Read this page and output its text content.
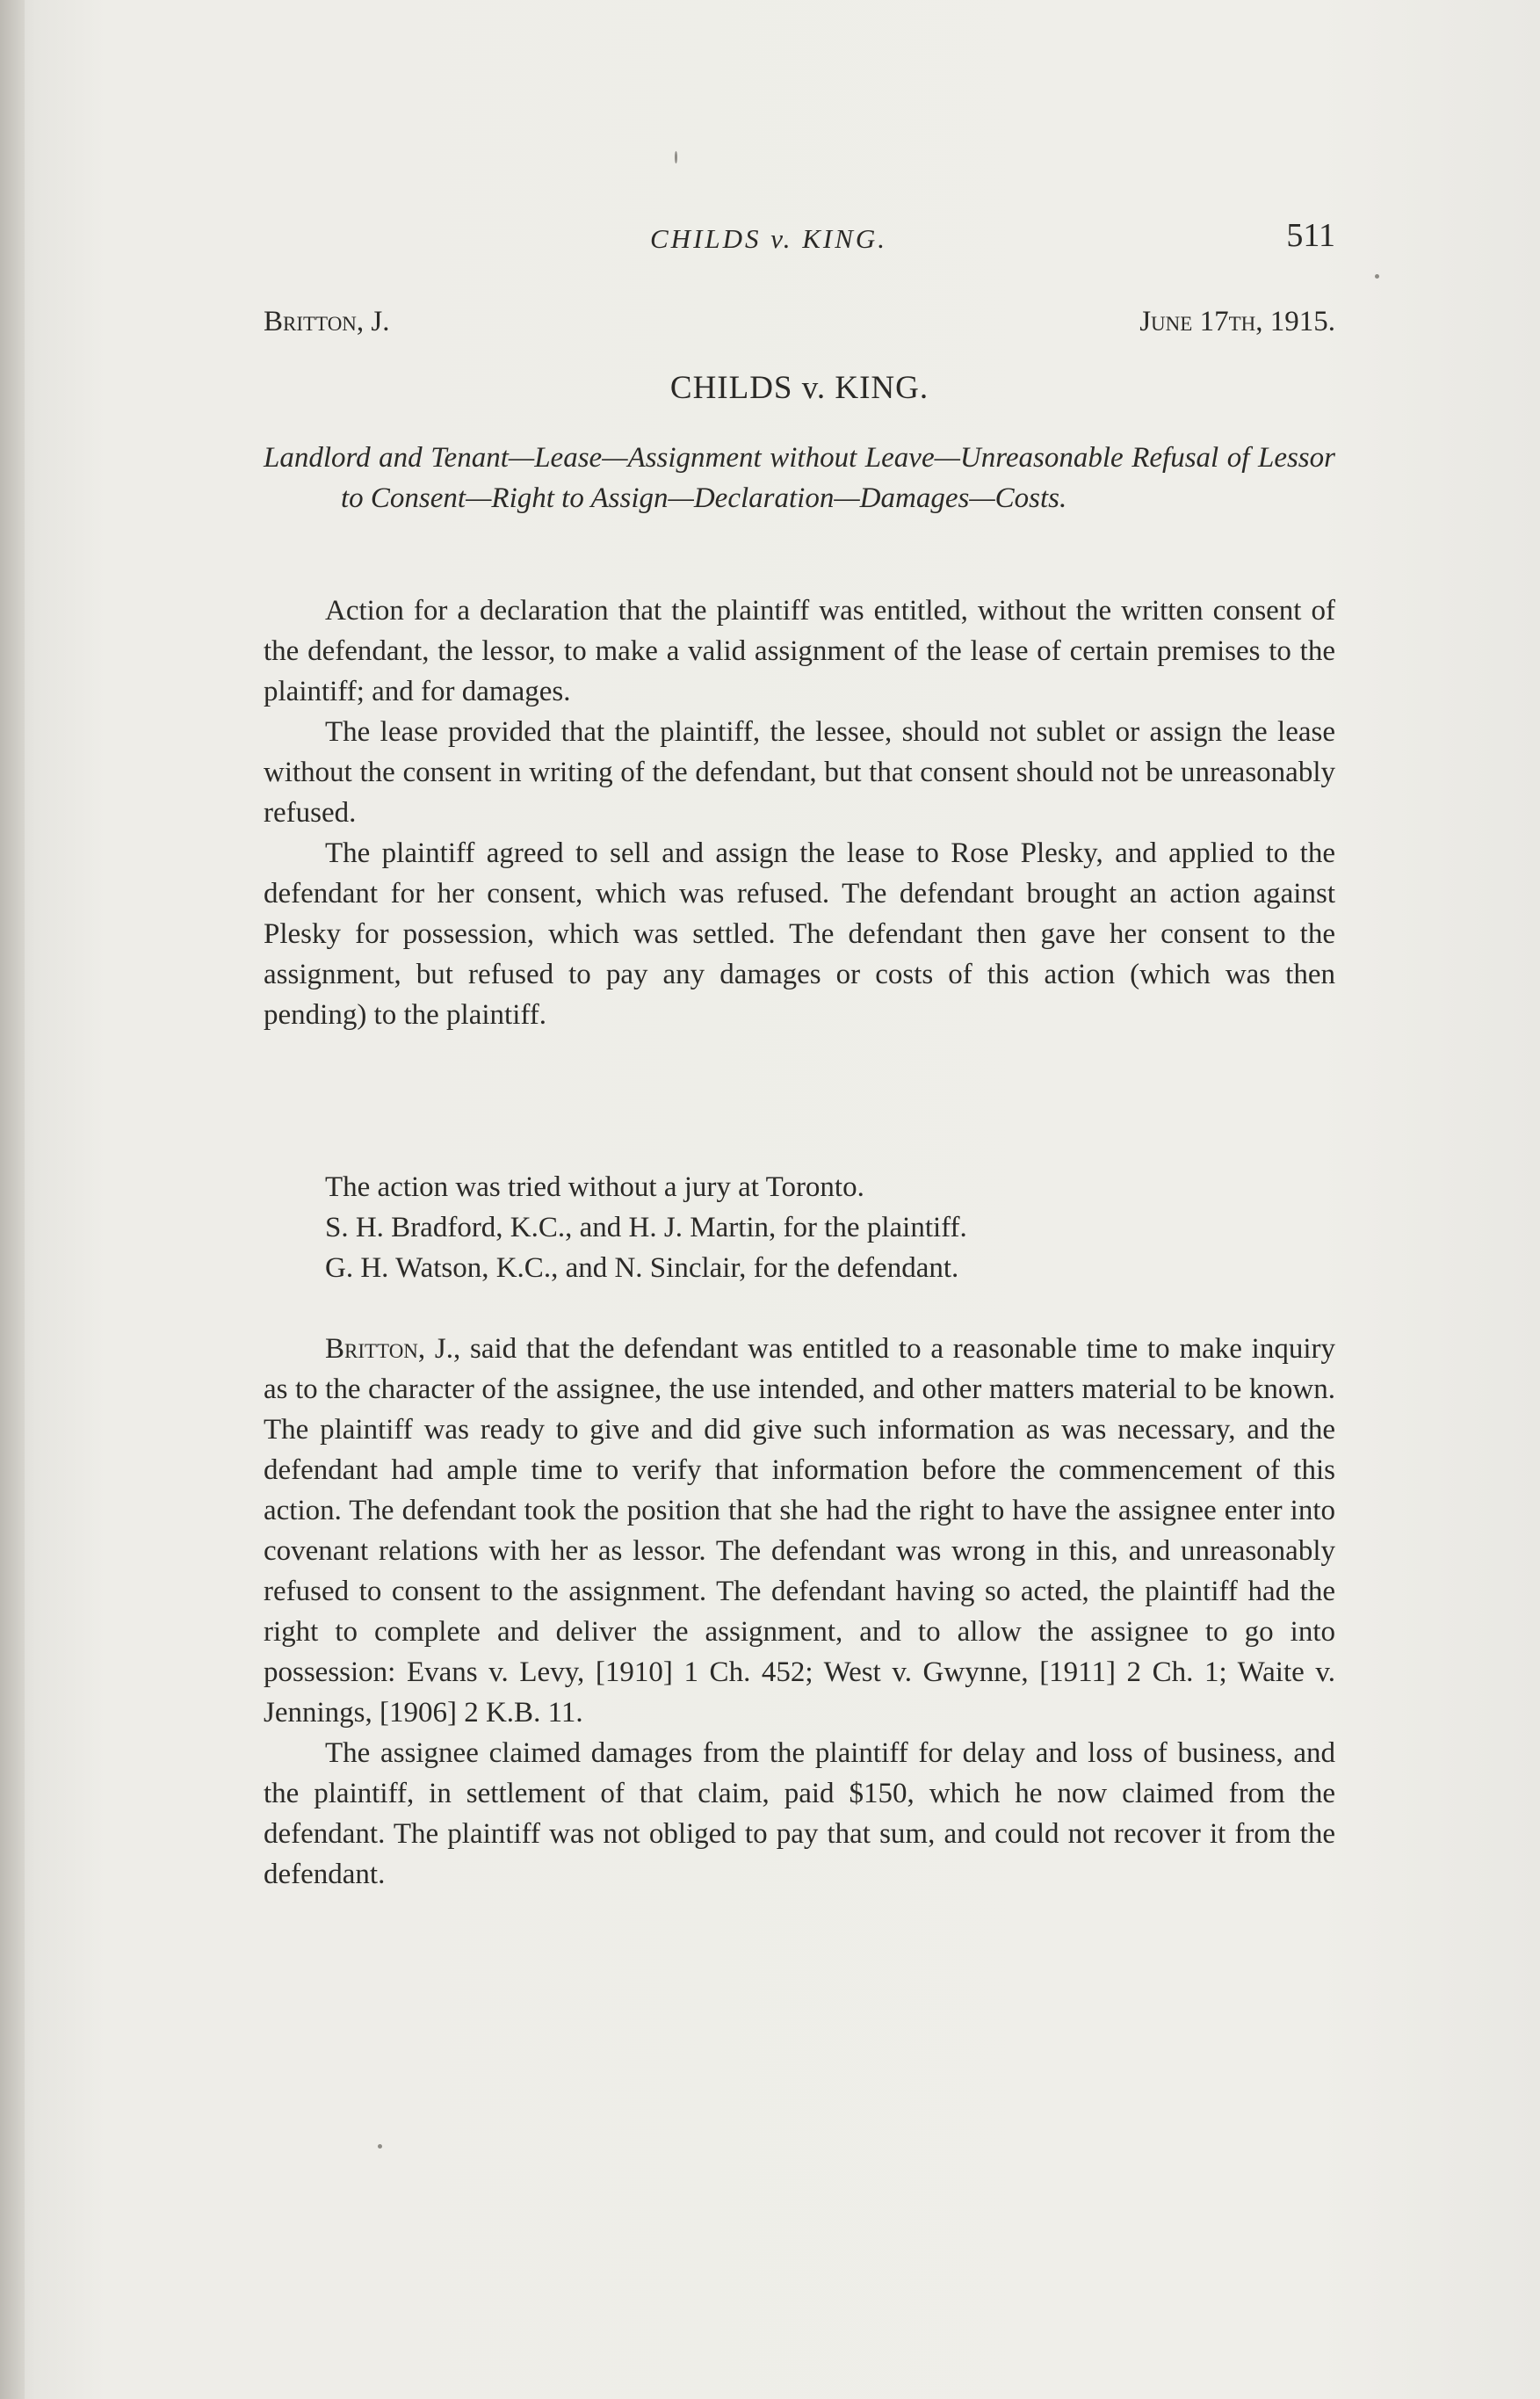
CHILDS v. KING.	511
Britton, J.	June 17th, 1915.
CHILDS v. KING.
Landlord and Tenant—Lease—Assignment without Leave—Unreasonable Refusal of Lessor to Consent—Right to Assign—Declaration—Damages—Costs.

Action for a declaration that the plaintiff was entitled, without the written consent of the defendant, the lessor, to make a valid assignment of the lease of certain premises to the plaintiff; and for damages.

The lease provided that the plaintiff, the lessee, should not sublet or assign the lease without the consent in writing of the defendant, but that consent should not be unreasonably refused.

The plaintiff agreed to sell and assign the lease to Rose Plesky, and applied to the defendant for her consent, which was refused. The defendant brought an action against Plesky for possession, which was settled. The defendant then gave her consent to the assignment, but refused to pay any damages or costs of this action (which was then pending) to the plaintiff.

The action was tried without a jury at Toronto.

S. H. Bradford, K.C., and H. J. Martin, for the plaintiff.

G. H. Watson, K.C., and N. Sinclair, for the defendant.

Britton, J., said that the defendant was entitled to a reasonable time to make inquiry as to the character of the assignee, the use intended, and other matters material to be known. The plaintiff was ready to give and did give such information as was necessary, and the defendant had ample time to verify that information before the commencement of this action. The defendant took the position that she had the right to have the assignee enter into covenant relations with her as lessor. The defendant was wrong in this, and unreasonably refused to consent to the assignment. The defendant having so acted, the plaintiff had the right to complete and deliver the assignment, and to allow the assignee to go into possession: Evans v. Levy, [1910] 1 Ch. 452; West v. Gwynne, [1911] 2 Ch. 1; Waite v. Jennings, [1906] 2 K.B. 11.

The assignee claimed damages from the plaintiff for delay and loss of business, and the plaintiff, in settlement of that claim, paid $150, which he now claimed from the defendant. The plaintiff was not obliged to pay that sum, and could not recover it from the defendant.
